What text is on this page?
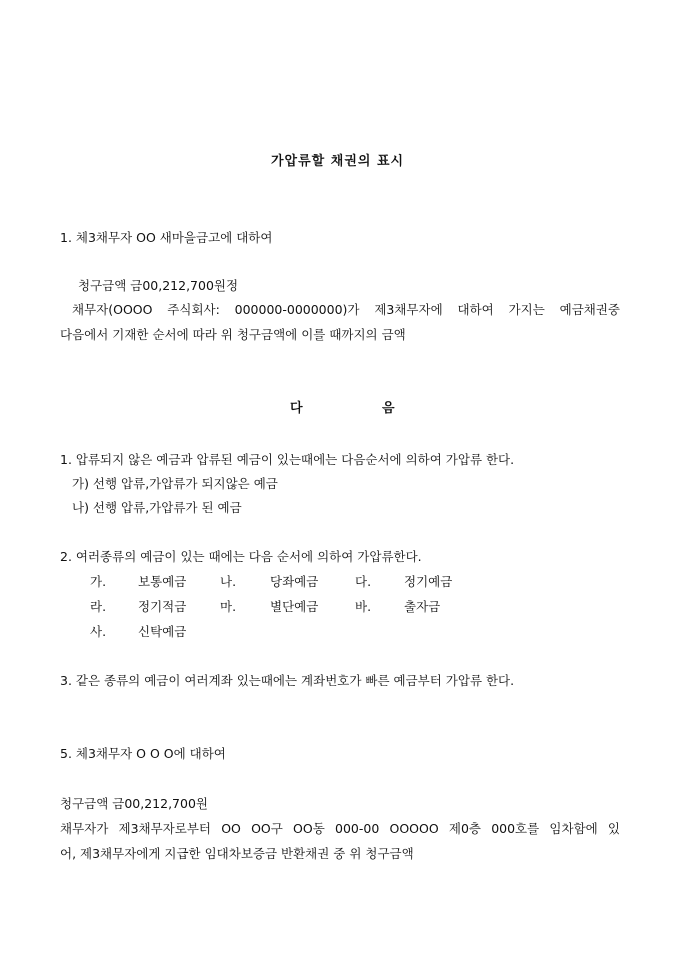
가압류할 채권의 표시
1. 체3채무자 OO 새마을금고에 대하여
청구금액 금00,212,700원정
채무자(OOOO 주식회사: 000000-0000000)가 제3채무자에 대하여 가지는 예금채권중
다음에서 기재한 순서에 따라 위 청구금액에 이를 때까지의 금액
다	음
1. 압류되지 않은 예금과 압류된 예금이 있는때에는 다음순서에 의하여 가압류 한다.
가) 선행 압류,가압류가 되지않은 예금
나) 선행 압류,가압류가 된 예금
2. 여러종류의 예금이 있는 때에는 다음 순서에 의하여 가압류한다.
가.	보통예금	나.	당좌예금	다.	정기예금
라.	정기적금	마.	별단예금	바.	출자금
사.	신탁예금
3. 같은 종류의 예금이 여러계좌 있는때에는 계좌번호가 빠른 예금부터 가압류 한다.
5. 체3채무자 O O O에 대하여
청구금액 금00,212,700원
채무자가 제3채무자로부터 OO OO구 OO동 000-00 OOOOO 제0층 000호를 임차함에 있
어, 제3채무자에게 지급한 임대차보증금 반환채권 중 위 청구금액
